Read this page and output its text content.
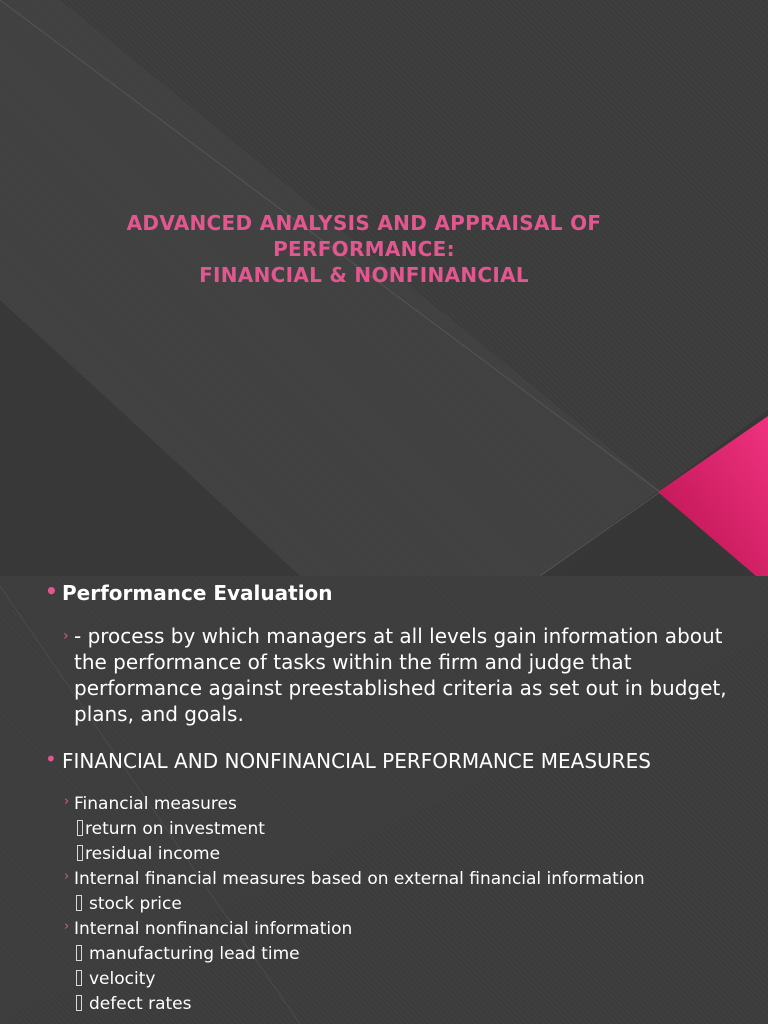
ADVANCED ANALYSIS AND APPRAISAL OF
PERFORMANCE:
FINANCIAL & NONFINANCIAL
• Performance Evaluation
› - process by which managers at all levels gain information about the performance of tasks within the firm and judge that performance against preestablished criteria as set out in budget, plans, and goals.
• FINANCIAL AND NONFINANCIAL PERFORMANCE MEASURES
› Financial measures
return on investment
residual income
› Internal financial measures based on external financial information
stock price
› Internal nonfinancial information
manufacturing lead time
velocity
defect rates
